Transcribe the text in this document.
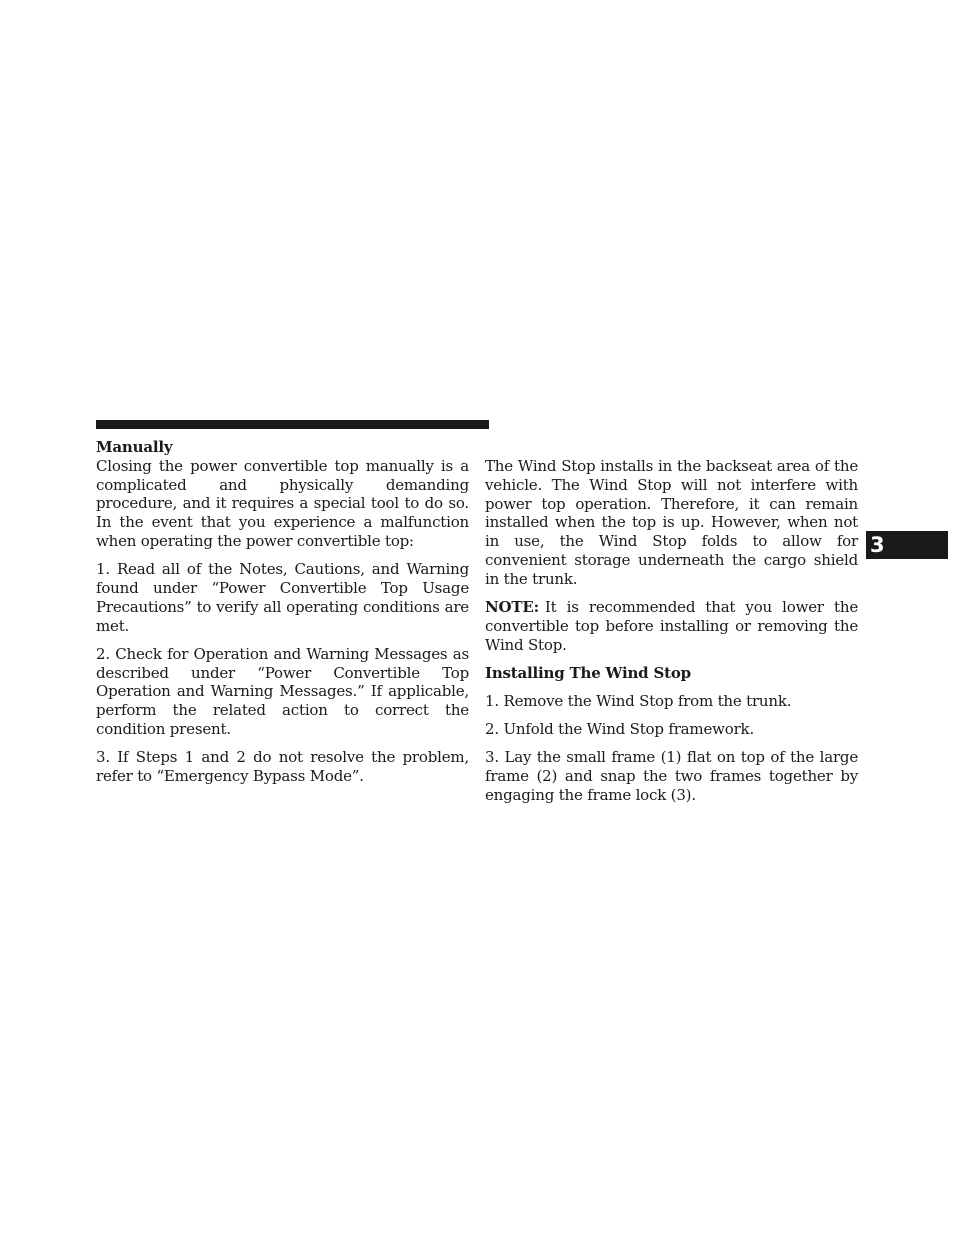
Manually

Closing the power convertible top manually is a complicated and physically demanding procedure, and it requires a special tool to do so. In the event that you experience a malfunction when operating the power convertible top:

1. Read all of the Notes, Cautions, and Warning found under “Power Convertible Top Usage Precautions” to verify all operating conditions are met.

2. Check for Operation and Warning Messages as described under “Power Convertible Top Operation and Warning Messages.” If applicable, perform the related action to correct the condition present.

3. If Steps 1 and 2 do not resolve the problem, refer to “Emergency Bypass Mode”.

The Wind Stop installs in the backseat area of the vehicle. The Wind Stop will not interfere with power top operation. Therefore, it can remain installed when the top is up. However, when not in use, the Wind Stop folds to allow for convenient storage underneath the cargo shield in the trunk.

NOTE: It is recommended that you lower the convertible top before installing or removing the Wind Stop.

Installing The Wind Stop

1. Remove the Wind Stop from the trunk.

2. Unfold the Wind Stop framework.

3. Lay the small frame (1) flat on top of the large frame (2) and snap the two frames together by engaging the frame lock (3).

3
